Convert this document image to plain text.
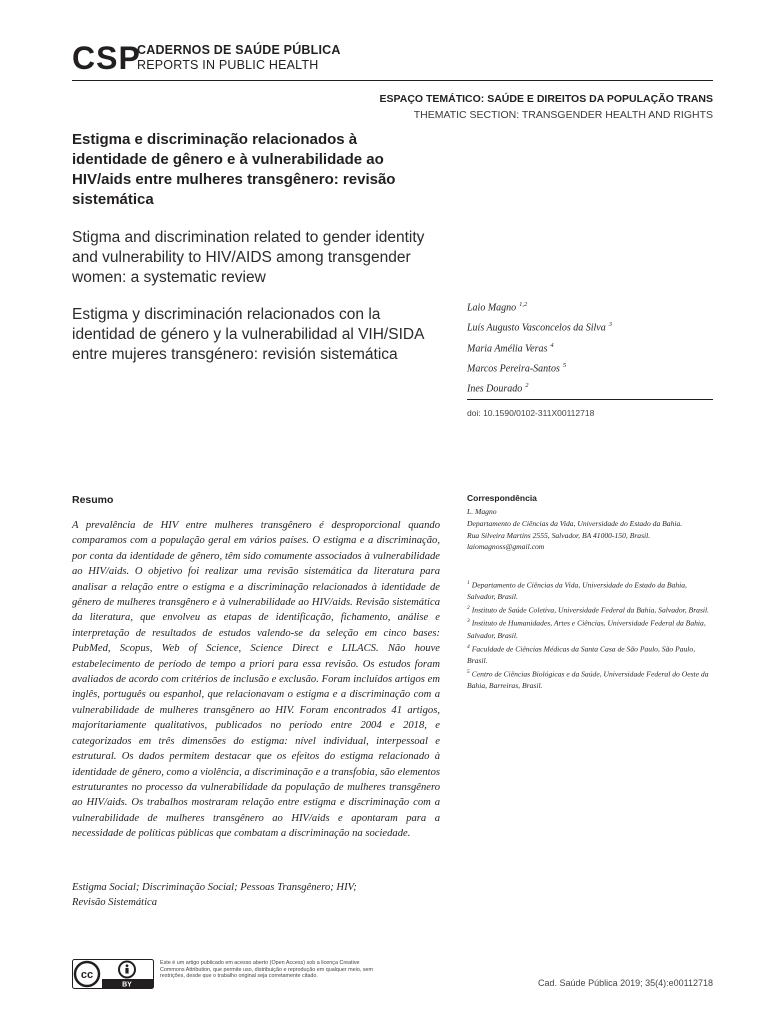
CSP
CADERNOS DE SAÚDE PÚBLICA
REPORTS IN PUBLIC HEALTH
ESPAÇO TEMÁTICO: SAÚDE E DIREITOS DA POPULAÇÃO TRANS
THEMATIC SECTION: TRANSGENDER HEALTH AND RIGHTS
Estigma e discriminação relacionados à identidade de gênero e à vulnerabilidade ao HIV/aids entre mulheres transgênero: revisão sistemática
Stigma and discrimination related to gender identity and vulnerability to HIV/AIDS among transgender women: a systematic review
Estigma y discriminación relacionados con la identidad de género y la vulnerabilidad al VIH/SIDA entre mujeres transgénero: revisión sistemática
Laio Magno $^{1,2}$
Luís Augusto Vasconcelos da Silva $^3$
Maria Amélia Veras $^4$
Marcos Pereira-Santos $^5$
Ines Dourado $^2$
doi: 10.1590/0102-311X00112718
Resumo
A prevalência de HIV entre mulheres transgênero é desproporcional quando comparamos com a população geral em vários países. O estigma e a discriminação, por conta da identidade de gênero, têm sido comumente associados à vulnerabilidade ao HIV/aids. O objetivo foi realizar uma revisão sistemática da literatura para analisar a relação entre o estigma e a discriminação relacionados à identidade de gênero de mulheres transgênero e à vulnerabilidade ao HIV/aids. Revisão sistemática da literatura, que envolveu as etapas de identificação, fichamento, análise e interpretação de resultados de estudos valendo-se da seleção em cinco bases: PubMed, Scopus, Web of Science, Science Direct e LILACS. Não houve estabelecimento de período de tempo a priori para essa revisão. Os estudos foram avaliados de acordo com critérios de inclusão e exclusão. Foram incluídos artigos em inglês, português ou espanhol, que relacionavam o estigma e a discriminação com a vulnerabilidade de mulheres transgênero ao HIV. Foram encontrados 41 artigos, majoritariamente qualitativos, publicados no período entre 2004 e 2018, e categorizados em três dimensões do estigma: nível individual, interpessoal e estrutural. Os dados permitem destacar que os efeitos do estigma relacionado à identidade de gênero, como a violência, a discriminação e a transfobia, são elementos estruturantes no processo da vulnerabilidade da população de mulheres transgênero ao HIV/aids. Os trabalhos mostraram relação entre estigma e discriminação com a vulnerabilidade de mulheres transgênero ao HIV/aids e apontaram para a necessidade de políticas públicas que combatam a discriminação na sociedade.
Estigma Social; Discriminação Social; Pessoas Transgênero; HIV;
Revisão Sistemática
Correspondência
L. Magno
Departamento de Ciências da Vida, Universidade do Estado da Bahia.
Rua Silveira Martins 2555, Salvador, BA 41000-150, Brasil.
laiomagnoss@gmail.com
$^1$ Departamento de Ciências da Vida, Universidade do Estado da Bahia, Salvador, Brasil.
$^2$ Instituto de Saúde Coletiva, Universidade Federal da Bahia, Salvador, Brasil.
$^3$ Instituto de Humanidades, Artes e Ciências, Universidade Federal da Bahia, Salvador, Brasil.
$^4$ Faculdade de Ciências Médicas da Santa Casa de São Paulo, São Paulo, Brasil.
$^5$ Centro de Ciências Biológicas e da Saúde, Universidade Federal do Oeste da Bahia, Barreiras, Brasil.
cc
BY
Este é um artigo publicado em acesso aberto (Open Access) sob a licença Creative Commons Attribution, que permite uso, distribuição e reprodução em qualquer meio, sem restrições, desde que o trabalho original seja corretamente citado.
Cad. Saúde Pública 2019; 35(4):e00112718
